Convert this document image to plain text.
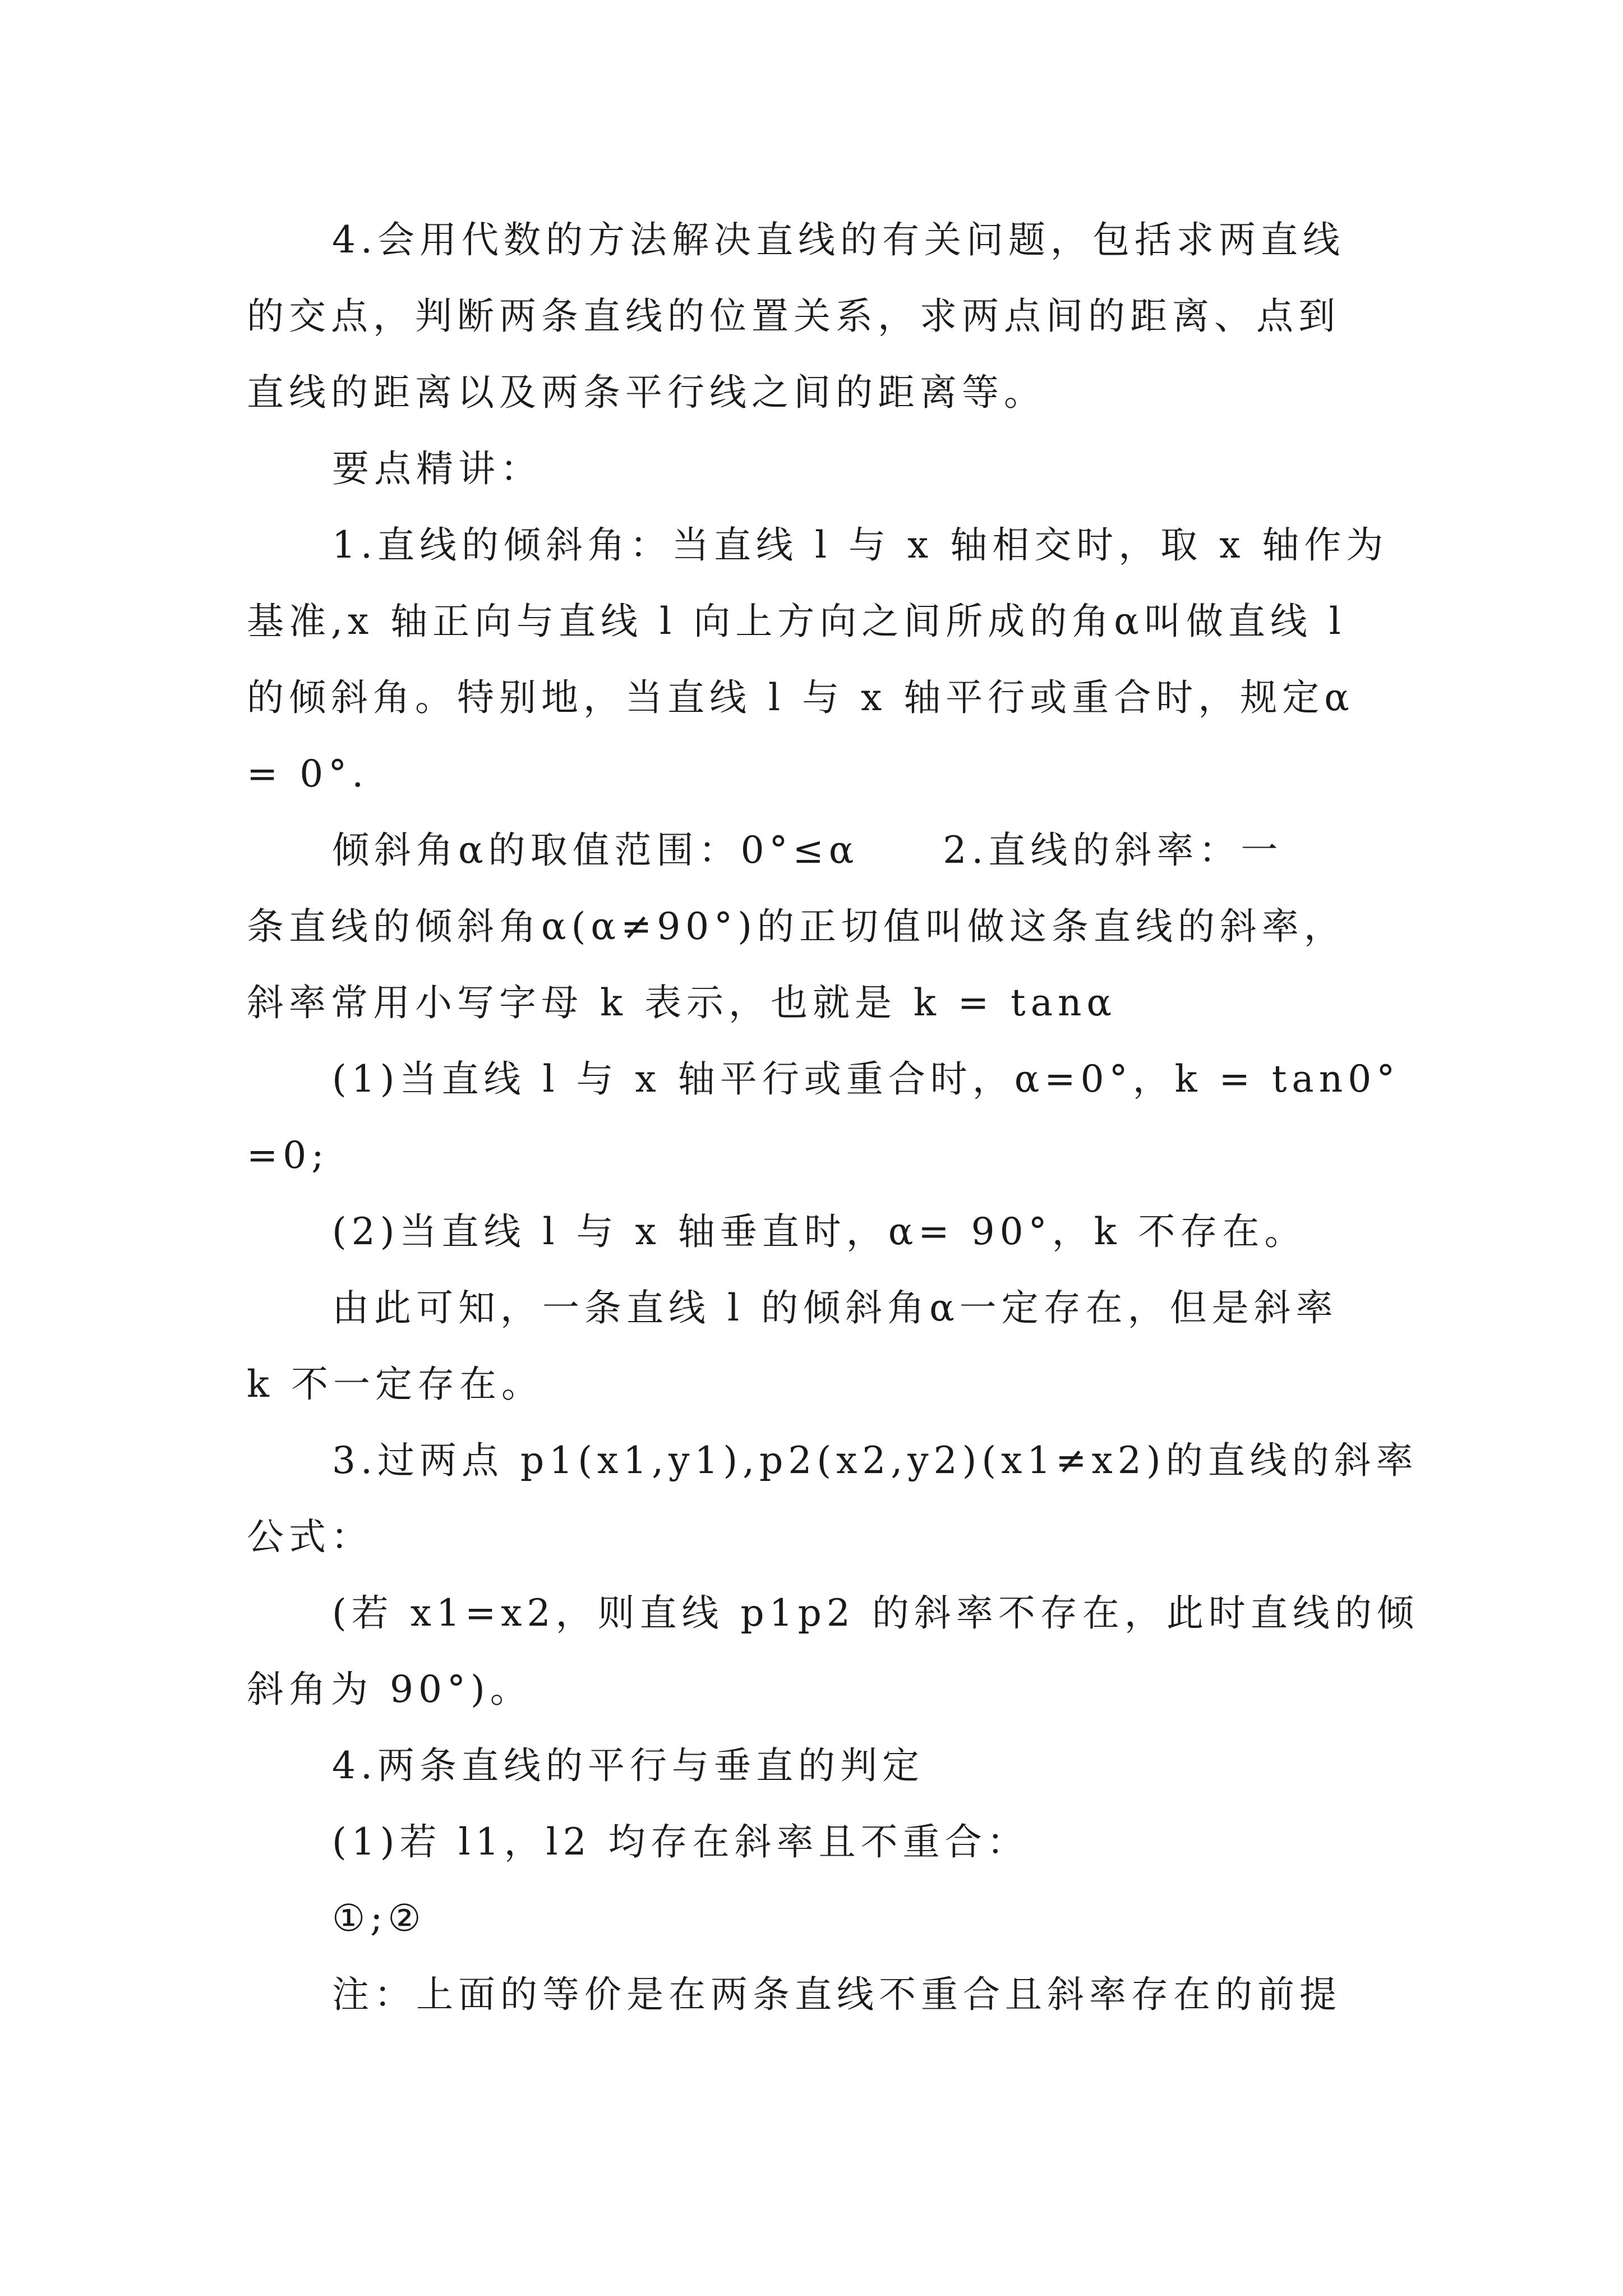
4.会用代数的方法解决直线的有关问题，包括求两直线
的交点，判断两条直线的位置关系，求两点间的距离、点到
直线的距离以及两条平行线之间的距离等。
要点精讲：
1.直线的倾斜角：当直线 l 与 x 轴相交时，取 x 轴作为
基准,x 轴正向与直线 l 向上方向之间所成的角α叫做直线 l
的倾斜角。特别地，当直线 l 与 x 轴平行或重合时，规定α
= 0°.
倾斜角α的取值范围：0°≤α　　2.直线的斜率：一
条直线的倾斜角α(α≠90°)的正切值叫做这条直线的斜率，
斜率常用小写字母 k 表示，也就是 k = tanα
(1)当直线 l 与 x 轴平行或重合时，α=0°，k = tan0°
=0;
(2)当直线 l 与 x 轴垂直时，α= 90°，k 不存在。
由此可知，一条直线 l 的倾斜角α一定存在，但是斜率
k 不一定存在。
3.过两点 p1(x1,y1),p2(x2,y2)(x1≠x2)的直线的斜率
公式：
(若 x1=x2，则直线 p1p2 的斜率不存在，此时直线的倾
斜角为 90°)。
4.两条直线的平行与垂直的判定
(1)若 l1，l2 均存在斜率且不重合：
①;②
注：上面的等价是在两条直线不重合且斜率存在的前提
